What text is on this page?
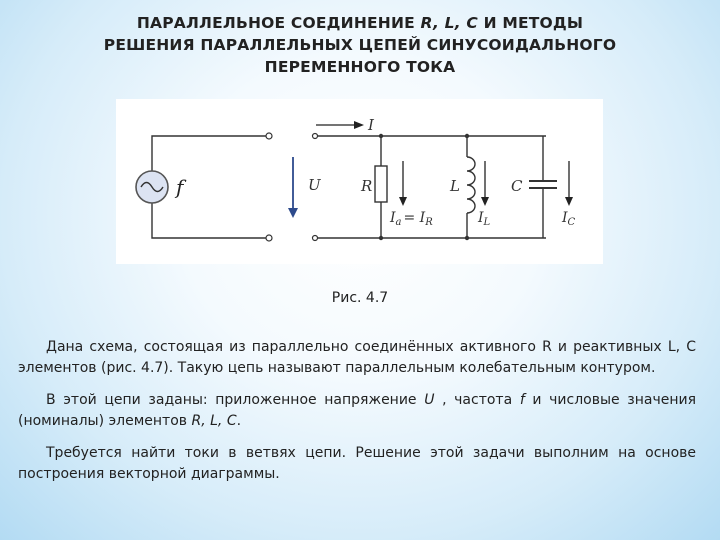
ПАРАЛЛЕЛЬНОЕ СОЕДИНЕНИЕ R, L, C И МЕТОДЫ
РЕШЕНИЯ ПАРАЛЛЕЛЬНЫХ ЦЕПЕЙ СИНУСОИДАЛЬНОГО
ПЕРЕМЕННОГО ТОКА
f	U
I
R	L	C
$I_a = I_R$	$I_L$	$I_C$
Рис. 4.7

Дана схема, состоящая из параллельно соединённых активного R и реактивных L, C элементов (рис. 4.7). Такую цепь называют параллельным колебательным контуром.

В этой цепи заданы: приложенное напряжение U , частота f и числовые значения (номиналы) элементов R, L, C.

Требуется найти токи в ветвях цепи. Решение этой задачи выполним на основе построения векторной диаграммы.
